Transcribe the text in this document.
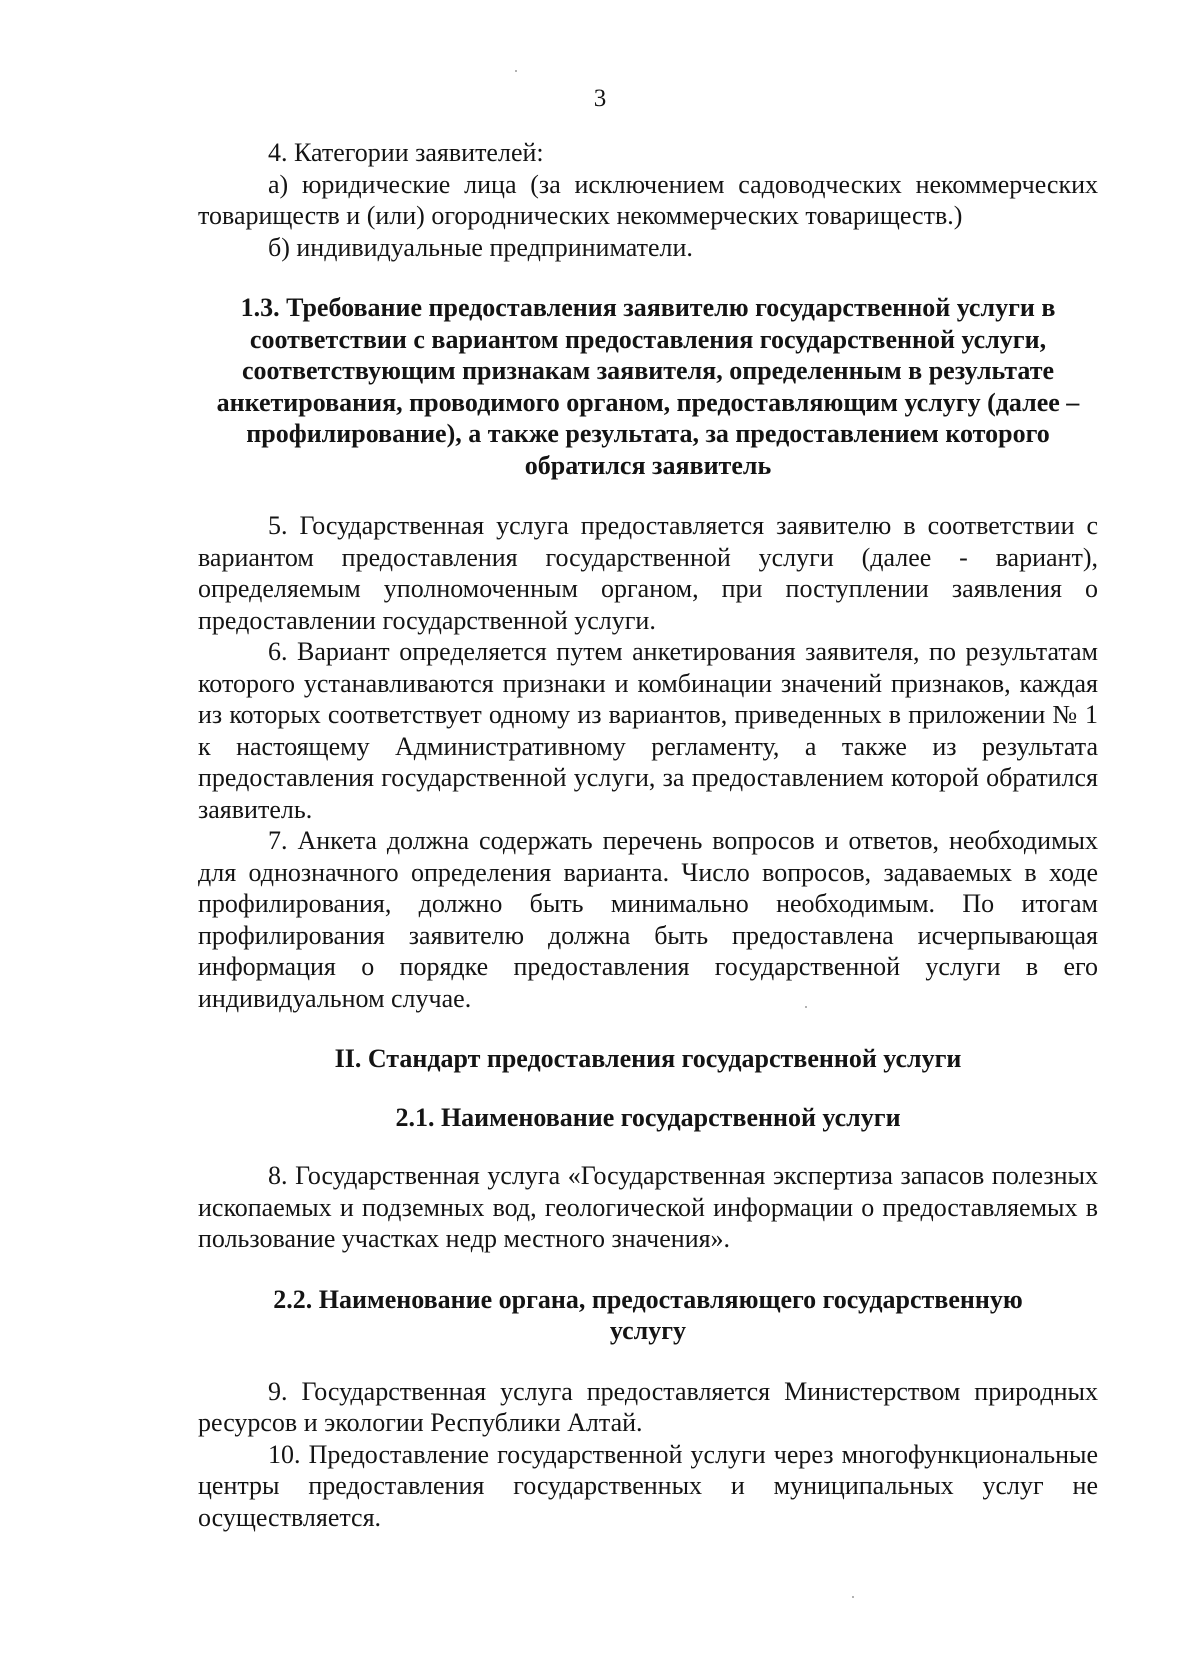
3

4. Категории заявителей:

а) юридические лица (за исключением садоводческих некоммерческих товариществ и (или) огороднических некоммерческих товариществ.)

б) индивидуальные предприниматели.

1.3. Требование предоставления заявителю государственной услуги в
соответствии с вариантом предоставления государственной услуги,
соответствующим признакам заявителя, определенным в результате
анкетирования, проводимого органом, предоставляющим услугу (далее –
профилирование), а также результата, за предоставлением которого
обратился заявитель

5. Государственная услуга предоставляется заявителю в соответствии с вариантом предоставления государственной услуги (далее - вариант), определяемым уполномоченным органом, при поступлении заявления о предоставлении государственной услуги.

6. Вариант определяется путем анкетирования заявителя, по результатам которого устанавливаются признаки и комбинации значений признаков, каждая из которых соответствует одному из вариантов, приведенных в приложении № 1 к настоящему Административному регламенту, а также из результата предоставления государственной услуги, за предоставлением которой обратился заявитель.

7. Анкета должна содержать перечень вопросов и ответов, необходимых для однозначного определения варианта. Число вопросов, задаваемых в ходе профилирования, должно быть минимально необходимым. По итогам профилирования заявителю должна быть предоставлена исчерпывающая информация о порядке предоставления государственной услуги в его индивидуальном случае.

II. Стандарт предоставления государственной услуги
2.1. Наименование государственной услуги

8. Государственная услуга «Государственная экспертиза запасов полезных ископаемых и подземных вод, геологической информации о предоставляемых в пользование участках недр местного значения».

2.2. Наименование органа, предоставляющего государственную
услугу

9. Государственная услуга предоставляется Министерством природных ресурсов и экологии Республики Алтай.

10. Предоставление государственной услуги через многофункциональные центры предоставления государственных и муниципальных услуг не осуществляется.
